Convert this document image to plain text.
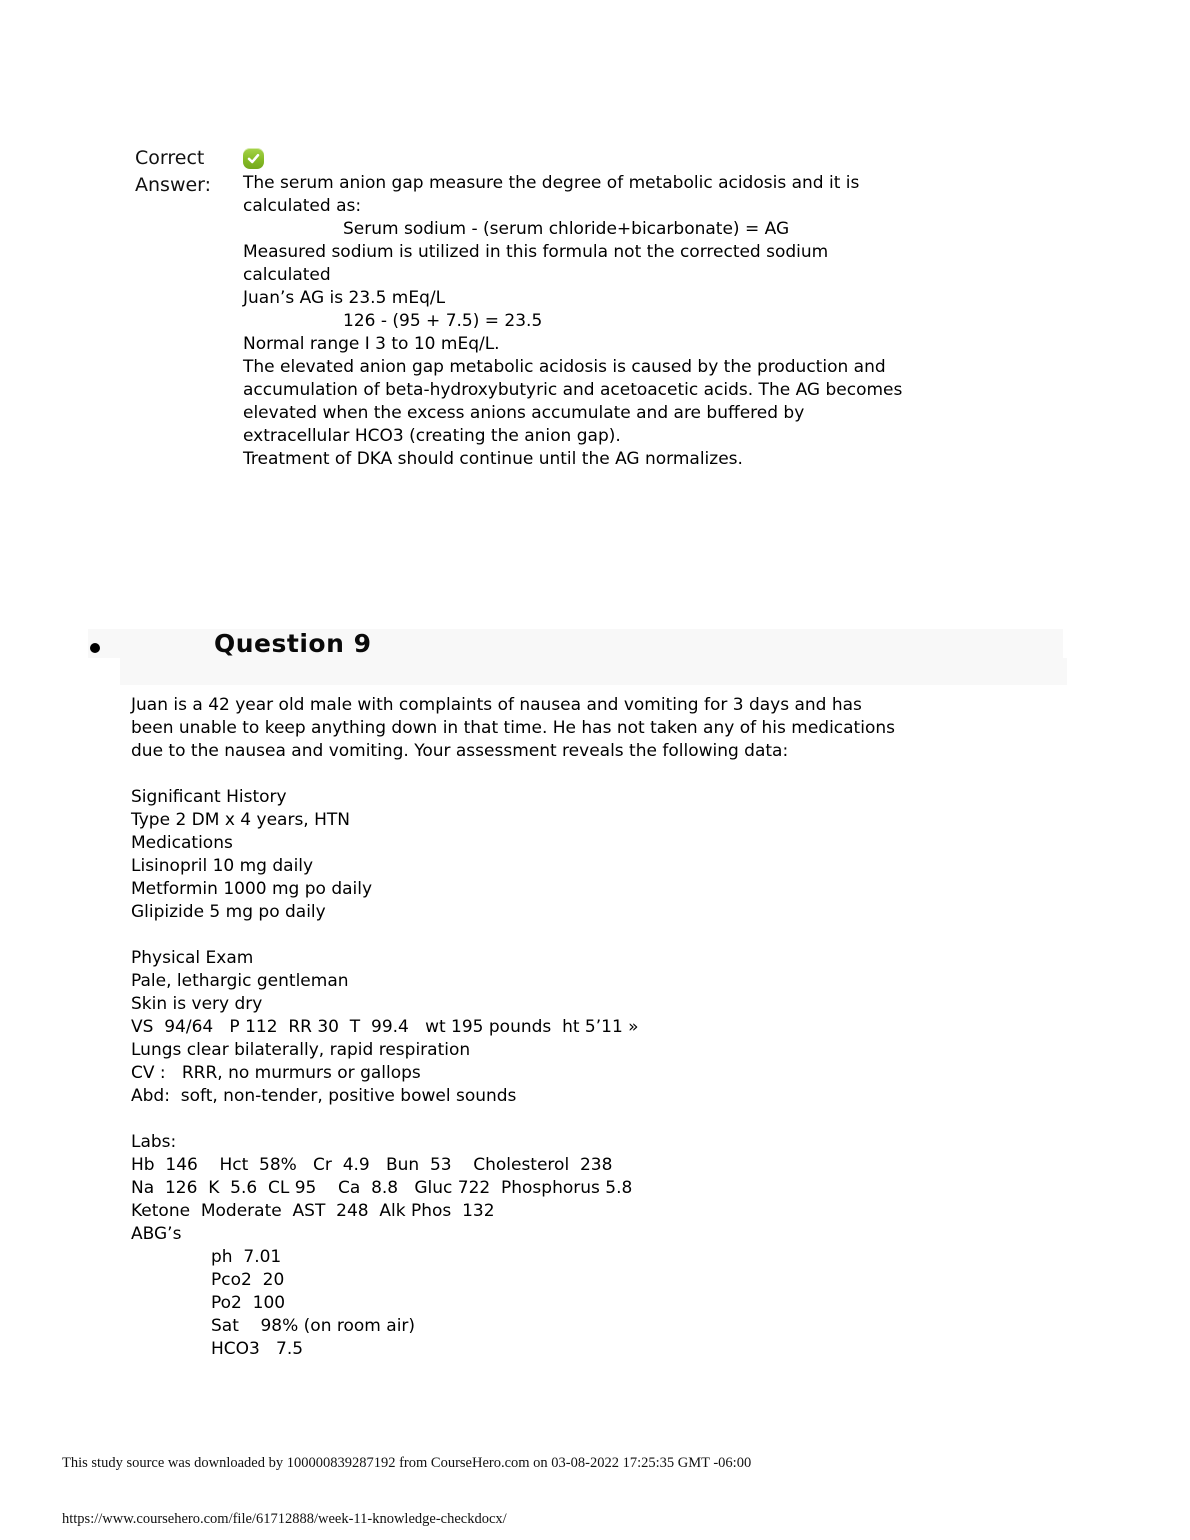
Correct
Answer:	The serum anion gap measure the degree of metabolic acidosis and it is
calculated as:
Serum sodium - (serum chloride+bicarbonate) = AG
Measured sodium is utilized in this formula not the corrected sodium
calculated
Juan’s AG is 23.5 mEq/L
126 - (95 + 7.5) = 23.5
Normal range I 3 to 10 mEq/L.
The elevated anion gap metabolic acidosis is caused by the production and
accumulation of beta-hydroxybutyric and acetoacetic acids. The AG becomes
elevated when the excess anions accumulate and are buffered by
extracellular HCO3 (creating the anion gap).
Treatment of DKA should continue until the AG normalizes.
Question 9
Juan is a 42 year old male with complaints of nausea and vomiting for 3 days and has
been unable to keep anything down in that time. He has not taken any of his medications
due to the nausea and vomiting. Your assessment reveals the following data:

Significant History
Type 2 DM x 4 years, HTN
Medications
Lisinopril 10 mg daily
Metformin 1000 mg po daily
Glipizide 5 mg po daily

Physical Exam
Pale, lethargic gentleman
Skin is very dry
VS  94/64   P 112  RR 30  T  99.4   wt 195 pounds  ht 5’11 »
Lungs clear bilaterally, rapid respiration
CV :   RRR, no murmurs or gallops
Abd:  soft, non-tender, positive bowel sounds

Labs:
Hb  146    Hct  58%   Cr  4.9   Bun  53    Cholesterol  238
Na  126  K  5.6  CL 95    Ca  8.8   Gluc 722  Phosphorus 5.8
Ketone  Moderate  AST  248  Alk Phos  132
ABG’s
ph  7.01
Pco2  20
Po2  100
Sat    98% (on room air)
HCO3   7.5
This study source was downloaded by 100000839287192 from CourseHero.com on 03-08-2022 17:25:35 GMT -06:00
https://www.coursehero.com/file/61712888/week-11-knowledge-checkdocx/
